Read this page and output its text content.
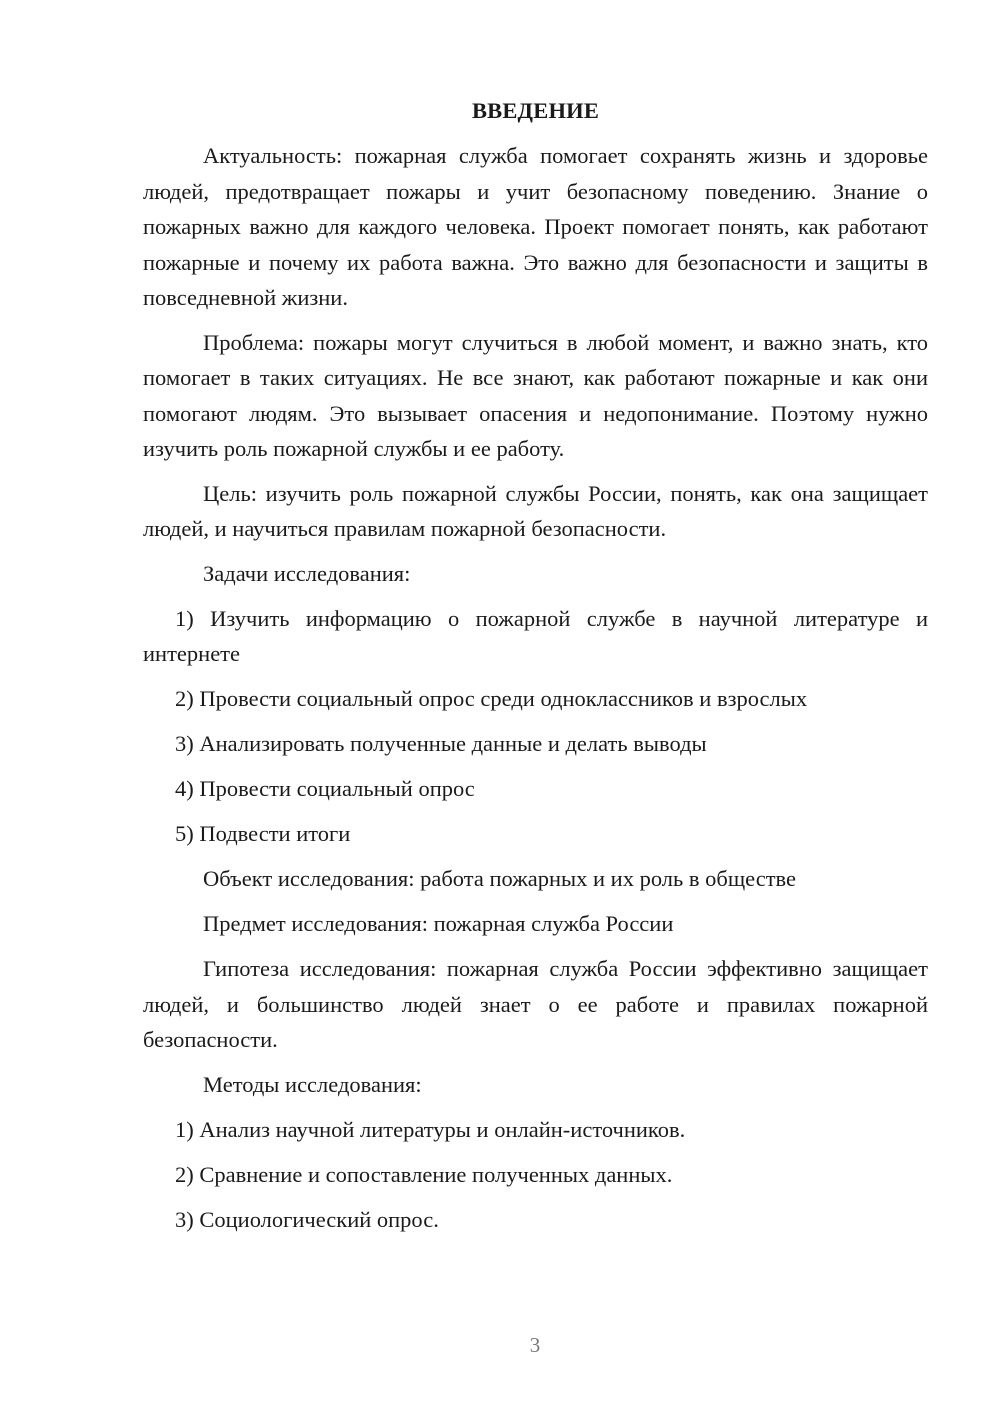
ВВЕДЕНИЕ

Актуальность: пожарная служба помогает сохранять жизнь и здоровье людей, предотвращает пожары и учит безопасному поведению. Знание о пожарных важно для каждого человека. Проект помогает понять, как работают пожарные и почему их работа важна. Это важно для безопасности и защиты в повседневной жизни.

Проблема: пожары могут случиться в любой момент, и важно знать, кто помогает в таких ситуациях. Не все знают, как работают пожарные и как они помогают людям. Это вызывает опасения и недопонимание. Поэтому нужно изучить роль пожарной службы и ее работу.

Цель: изучить роль пожарной службы России, понять, как она защищает людей, и научиться правилам пожарной безопасности.

Задачи исследования:

1) Изучить информацию о пожарной службе в научной литературе и интернете

2) Провести социальный опрос среди одноклассников и взрослых

3) Анализировать полученные данные и делать выводы

4) Провести социальный опрос

5) Подвести итоги

Объект исследования: работа пожарных и их роль в обществе

Предмет исследования: пожарная служба России

Гипотеза исследования: пожарная служба России эффективно защищает людей, и большинство людей знает о ее работе и правилах пожарной безопасности.

Методы исследования:

1) Анализ научной литературы и онлайн-источников.

2) Сравнение и сопоставление полученных данных.

3) Социологический опрос.

3
